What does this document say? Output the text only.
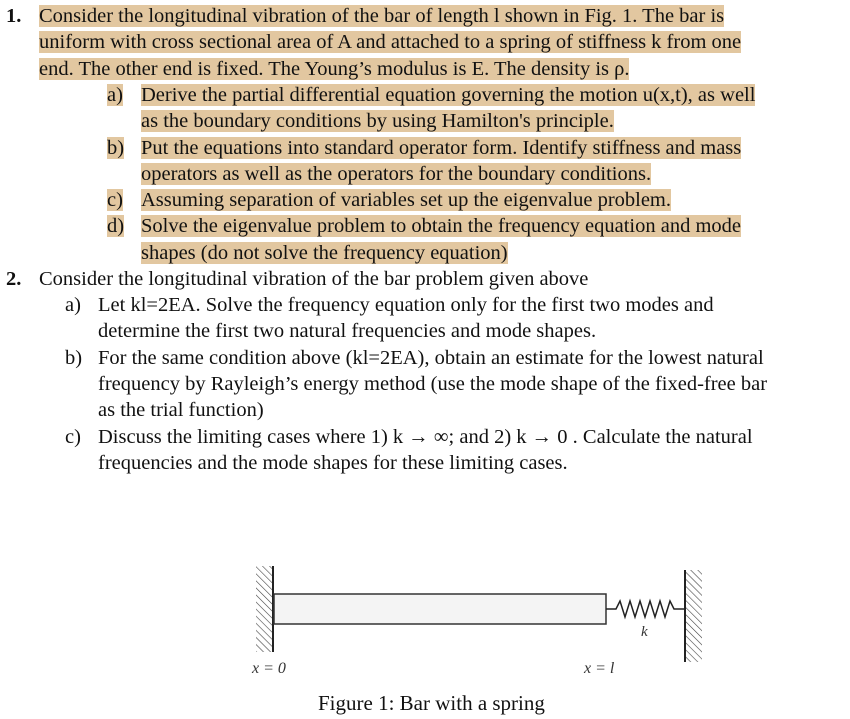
1. Consider the longitudinal vibration of the bar of length l shown in Fig. 1. The bar is
uniform with cross sectional area of A and attached to a spring of stiffness k from one
end. The other end is fixed. The Young’s modulus is E. The density is ρ.
a) Derive the partial differential equation governing the motion u(x,t), as well
as the boundary conditions by using Hamilton's principle.
b) Put the equations into standard operator form. Identify stiffness and mass
operators as well as the operators for the boundary conditions.
c) Assuming separation of variables set up the eigenvalue problem.
d) Solve the eigenvalue problem to obtain the frequency equation and mode
shapes (do not solve the frequency equation)
2. Consider the longitudinal vibration of the bar problem given above
a) Let kl=2EA. Solve the frequency equation only for the first two modes and
determine the first two natural frequencies and mode shapes.
b) For the same condition above (kl=2EA), obtain an estimate for the lowest natural
frequency by Rayleigh’s energy method (use the mode shape of the fixed-free bar
as the trial function)
c) Discuss the limiting cases where 1) k → ∞; and 2) k → 0 . Calculate the natural
frequencies and the mode shapes for these limiting cases.
k
x = 0	x = l
Figure 1: Bar with a spring
